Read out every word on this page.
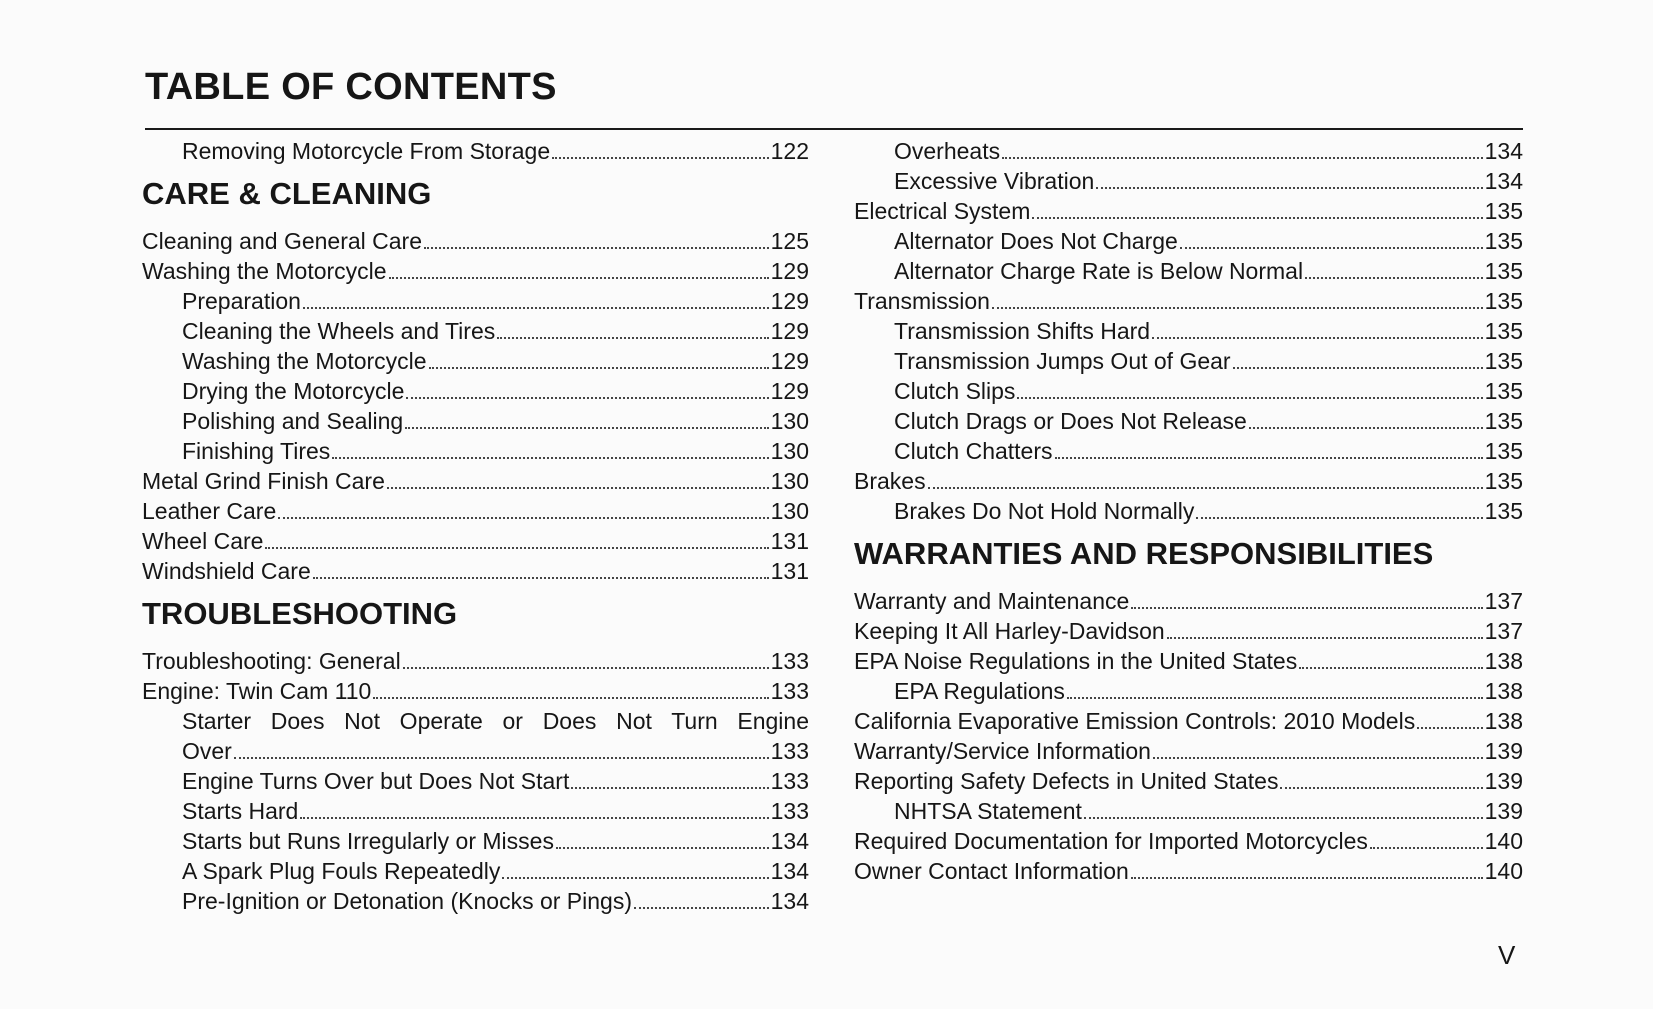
TABLE OF CONTENTS
Removing Motorcycle From Storage	122
CARE & CLEANING
Cleaning and General Care	125
Washing the Motorcycle	129
Preparation	129
Cleaning the Wheels and Tires	129
Washing the Motorcycle	129
Drying the Motorcycle	129
Polishing and Sealing	130
Finishing Tires	130
Metal Grind Finish Care	130
Leather Care	130
Wheel Care	131
Windshield Care	131
TROUBLESHOOTING
Troubleshooting: General	133
Engine: Twin Cam 110	133
Starter Does Not Operate or Does Not Turn Engine
Over	133
Engine Turns Over but Does Not Start	133
Starts Hard	133
Starts but Runs Irregularly or Misses	134
A Spark Plug Fouls Repeatedly	134
Pre-Ignition or Detonation (Knocks or Pings)	134
Overheats	134
Excessive Vibration	134
Electrical System	135
Alternator Does Not Charge	135
Alternator Charge Rate is Below Normal	135
Transmission	135
Transmission Shifts Hard	135
Transmission Jumps Out of Gear	135
Clutch Slips	135
Clutch Drags or Does Not Release	135
Clutch Chatters	135
Brakes	135
Brakes Do Not Hold Normally	135
WARRANTIES AND RESPONSIBILITIES
Warranty and Maintenance	137
Keeping It All Harley-Davidson	137
EPA Noise Regulations in the United States	138
EPA Regulations	138
California Evaporative Emission Controls: 2010 Models	138
Warranty/Service Information	139
Reporting Safety Defects in United States	139
NHTSA Statement	139
Required Documentation for Imported Motorcycles	140
Owner Contact Information	140
V
